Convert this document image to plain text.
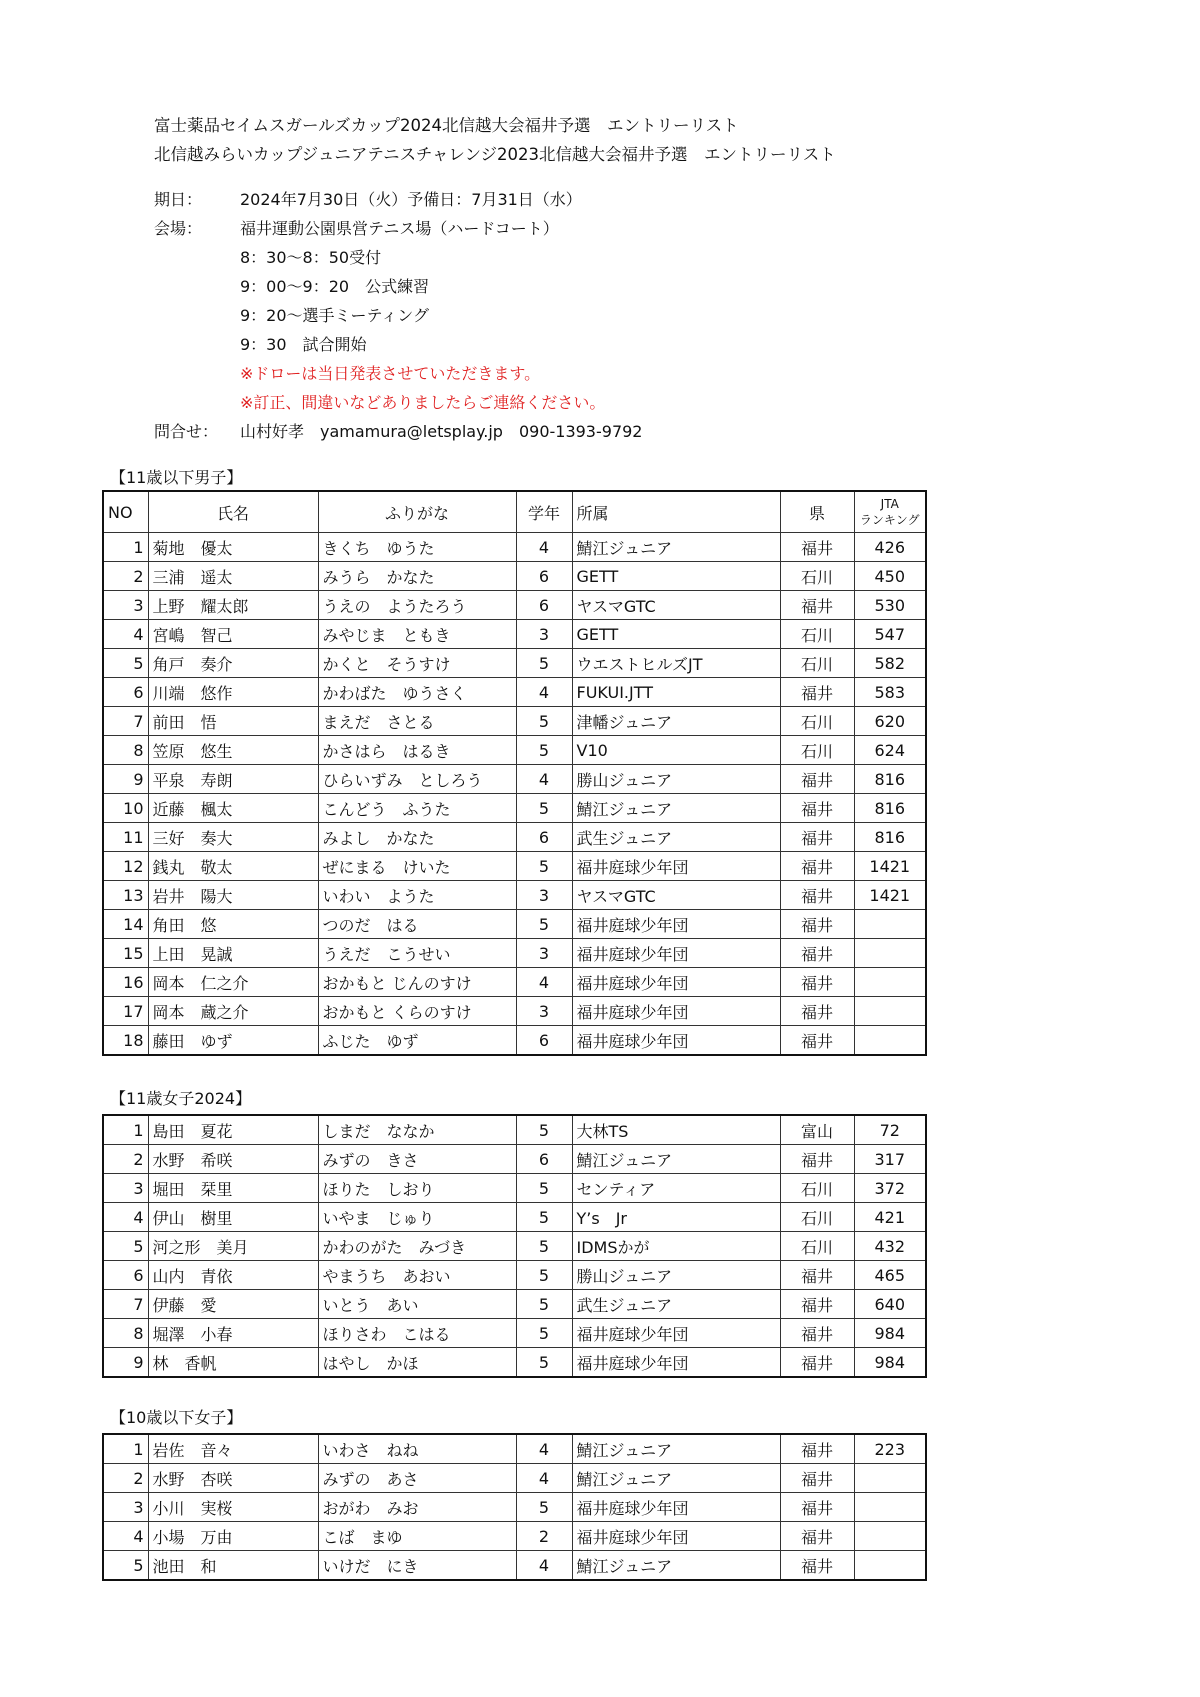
富士薬品セイムスガールズカップ2024北信越大会福井予選　エントリーリスト
北信越みらいカップジュニアテニスチャレンジ2023北信越大会福井予選　エントリーリスト
期日：	2024年7月30日（火）予備日：7月31日（水）
会場：	福井運動公園県営テニス場（ハードコート）
8：30〜8：50受付
9：00〜9：20　公式練習
9：20〜選手ミーティング
9：30　試合開始
※ドローは当日発表させていただきます。
※訂正、間違いなどありましたらご連絡ください。
問合せ：	山村好孝　yamamura@letsplay.jp　090-1393-9792
【11歳以下男子】
NO	氏名	ふりがな	学年	所属	県	JTA
ランキング
1	菊地　優太	きくち　ゆうた	4	鯖江ジュニア	福井	426
2	三浦　遥太	みうら　かなた	6	GETT	石川	450
3	上野　耀太郎	うえの　ようたろう	6	ヤスマGTC	福井	530
4	宮嶋　智己	みやじま　ともき	3	GETT	石川	547
5	角戸　奏介	かくと　そうすけ	5	ウエストヒルズJT	石川	582
6	川端　悠作	かわばた　ゆうさく	4	FUKUI.JTT	福井	583
7	前田　悟	まえだ　さとる	5	津幡ジュニア	石川	620
8	笠原　悠生	かさはら　はるき	5	V10	石川	624
9	平泉　寿朗	ひらいずみ　としろう	4	勝山ジュニア	福井	816
10	近藤　楓太	こんどう　ふうた	5	鯖江ジュニア	福井	816
11	三好　奏大	みよし　かなた	6	武生ジュニア	福井	816
12	銭丸　敬太	ぜにまる　けいた	5	福井庭球少年団	福井	1421
13	岩井　陽大	いわい　ようた	3	ヤスマGTC	福井	1421
14	角田　悠	つのだ　はる	5	福井庭球少年団	福井	
15	上田　晃誠	うえだ　こうせい	3	福井庭球少年団	福井	
16	岡本　仁之介	おかもと じんのすけ	4	福井庭球少年団	福井	
17	岡本　蔵之介	おかもと くらのすけ	3	福井庭球少年団	福井	
18	藤田　ゆず	ふじた　ゆず	6	福井庭球少年団	福井	
【11歳女子2024】
1	島田　夏花	しまだ　ななか	5	大林TS	富山	72
2	水野　希咲	みずの　きさ	6	鯖江ジュニア	福井	317
3	堀田　栞里	ほりた　しおり	5	センティア	石川	372
4	伊山　樹里	いやま　じゅり	5	Y’s　Jr	石川	421
5	河之形　美月	かわのがた　みづき	5	IDMSかが	石川	432
6	山内　青依	やまうち　あおい	5	勝山ジュニア	福井	465
7	伊藤　愛	いとう　あい	5	武生ジュニア	福井	640
8	堀澤　小春	ほりさわ　こはる	5	福井庭球少年団	福井	984
9	林　香帆	はやし　かほ	5	福井庭球少年団	福井	984
【10歳以下女子】
1	岩佐　音々	いわさ　ねね	4	鯖江ジュニア	福井	223
2	水野　杏咲	みずの　あさ	4	鯖江ジュニア	福井	
3	小川　実桜	おがわ　みお	5	福井庭球少年団	福井	
4	小場　万由	こば　まゆ	2	福井庭球少年団	福井	
5	池田　和	いけだ　にき	4	鯖江ジュニア	福井	
